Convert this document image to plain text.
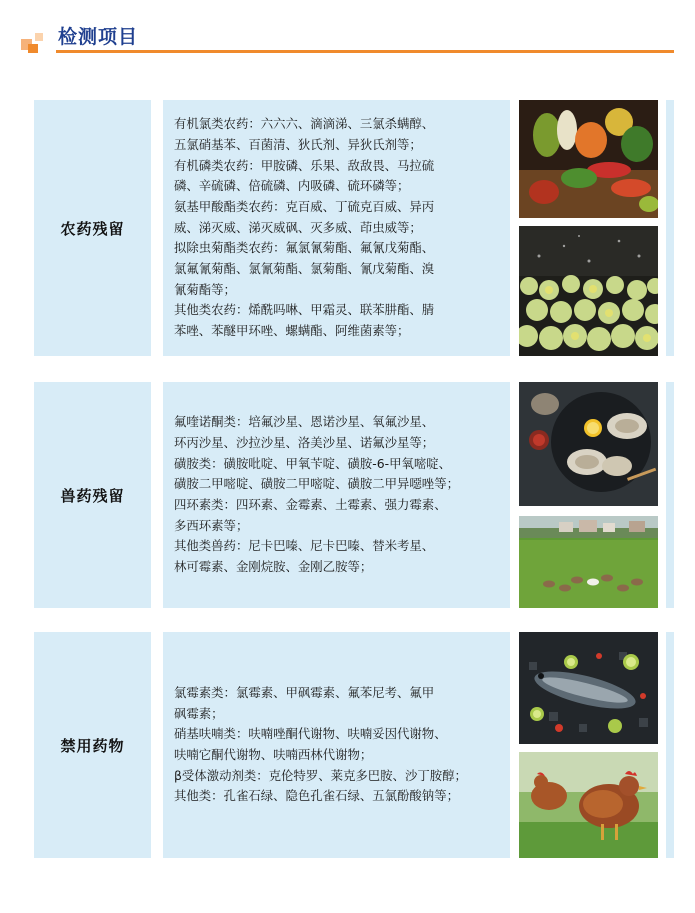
检测项目
农药残留
有机氯类农药：六六六、滴滴涕、三氯杀螨醇、
五氯硝基苯、百菌清、狄氏剂、异狄氏剂等；
有机磷类农药：甲胺磷、乐果、敌敌畏、马拉硫
磷、辛硫磷、倍硫磷、内吸磷、硫环磷等；
氨基甲酸酯类农药：克百威、丁硫克百威、异丙
威、涕灭威、涕灭威砜、灭多威、茚虫威等；
拟除虫菊酯类农药：氟氯氰菊酯、氟氰戊菊酯、
氯氟氰菊酯、氯氰菊酯、氯菊酯、氰戊菊酯、溴
氰菊酯等；
其他类农药：烯酰吗啉、甲霜灵、联苯肼酯、腈
苯唑、苯醚甲环唑、螺螨酯、阿维菌素等；
兽药残留
氟喹诺酮类：培氟沙星、恩诺沙星、氧氟沙星、
环丙沙星、沙拉沙星、洛美沙星、诺氟沙星等；
磺胺类：磺胺吡啶、甲氧苄啶、磺胺-6-甲氧嘧啶、
磺胺二甲嘧啶、磺胺二甲嘧啶、磺胺二甲异噁唑等；
四环素类：四环素、金霉素、土霉素、强力霉素、
多西环素等；
其他类兽药：尼卡巴嗪、尼卡巴嗪、替米考星、
林可霉素、金刚烷胺、金刚乙胺等；
禁用药物
氯霉素类：氯霉素、甲砜霉素、氟苯尼考、氟甲
砜霉素；
硝基呋喃类：呋喃唑酮代谢物、呋喃妥因代谢物、
呋喃它酮代谢物、呋喃西林代谢物；
β受体激动剂类：克伦特罗、莱克多巴胺、沙丁胺醇；
其他类：孔雀石绿、隐色孔雀石绿、五氯酚酸钠等；
